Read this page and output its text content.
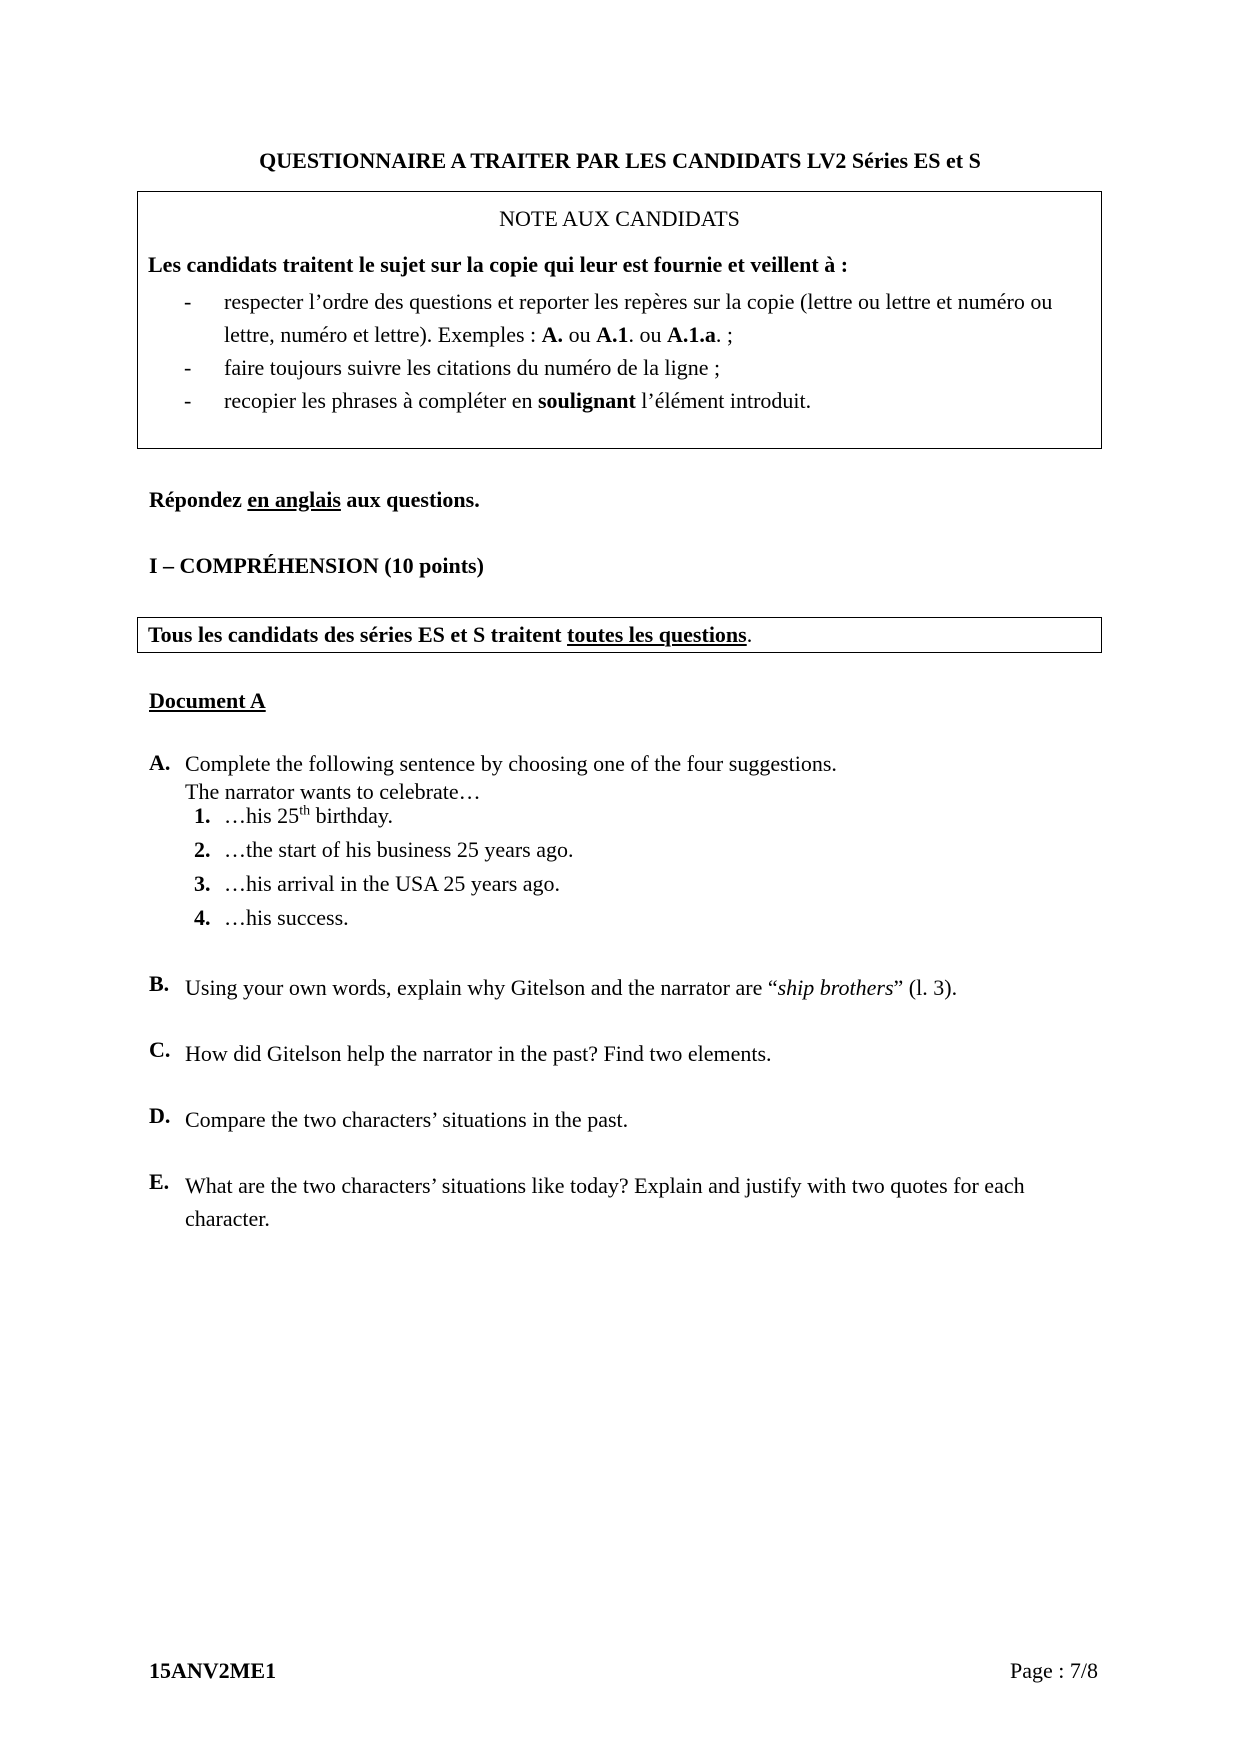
QUESTIONNAIRE A TRAITER PAR LES CANDIDATS LV2 Séries ES et S
NOTE AUX CANDIDATS
Les candidats traitent le sujet sur la copie qui leur est fournie et veillent à :
- respecter l’ordre des questions et reporter les repères sur la copie (lettre ou lettre et numéro ou lettre, numéro et lettre). Exemples : A. ou A.1. ou A.1.a. ;
- faire toujours suivre les citations du numéro de la ligne ;
- recopier les phrases à compléter en soulignant l’élément introduit.
Répondez en anglais aux questions.
I – COMPRÉHENSION (10 points)
Tous les candidats des séries ES et S traitent toutes les questions.
Document A
A. Complete the following sentence by choosing one of the four suggestions.
The narrator wants to celebrate…
1. …his 25th birthday.
2. …the start of his business 25 years ago.
3. …his arrival in the USA 25 years ago.
4. …his success.
B. Using your own words, explain why Gitelson and the narrator are “ship brothers” (l. 3).
C. How did Gitelson help the narrator in the past? Find two elements.
D. Compare the two characters’ situations in the past.
E. What are the two characters’ situations like today? Explain and justify with two quotes for each character.
15ANV2ME1	Page : 7/8
